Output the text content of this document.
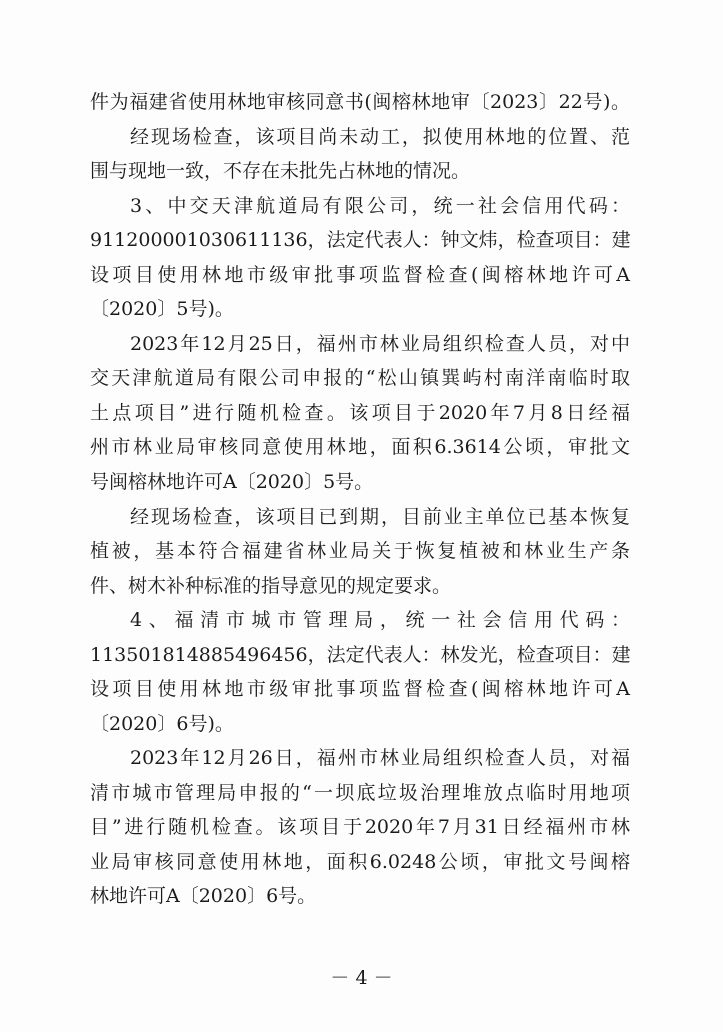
件为福建省使用林地审核同意书(闽榕林地审〔2023〕22号)。
经现场检查，该项目尚未动工，拟使用林地的位置、范
围与现地一致，不存在未批先占林地的情况。
3、中交天津航道局有限公司，统一社会信用代码：
911200001030611136，法定代表人：钟文炜，检查项目：建
设项目使用林地市级审批事项监督检查(闽榕林地许可A
〔2020〕5号)。
2023年12月25日，福州市林业局组织检查人员，对中
交天津航道局有限公司申报的“松山镇巽屿村南洋南临时取
土点项目”进行随机检查。该项目于2020年7月8日经福
州市林业局审核同意使用林地，面积6.3614公顷，审批文
号闽榕林地许可A〔2020〕5号。
经现场检查，该项目已到期，目前业主单位已基本恢复
植被，基本符合福建省林业局关于恢复植被和林业生产条
件、树木补种标准的指导意见的规定要求。
4、福清市城市管理局，统一社会信用代码：
113501814885496456，法定代表人：林发光，检查项目：建
设项目使用林地市级审批事项监督检查(闽榕林地许可A
〔2020〕6号)。
2023年12月26日，福州市林业局组织检查人员，对福
清市城市管理局申报的“一坝底垃圾治理堆放点临时用地项
目”进行随机检查。该项目于2020年7月31日经福州市林
业局审核同意使用林地，面积6.0248公顷，审批文号闽榕
林地许可A〔2020〕6号。
－ 4 －
